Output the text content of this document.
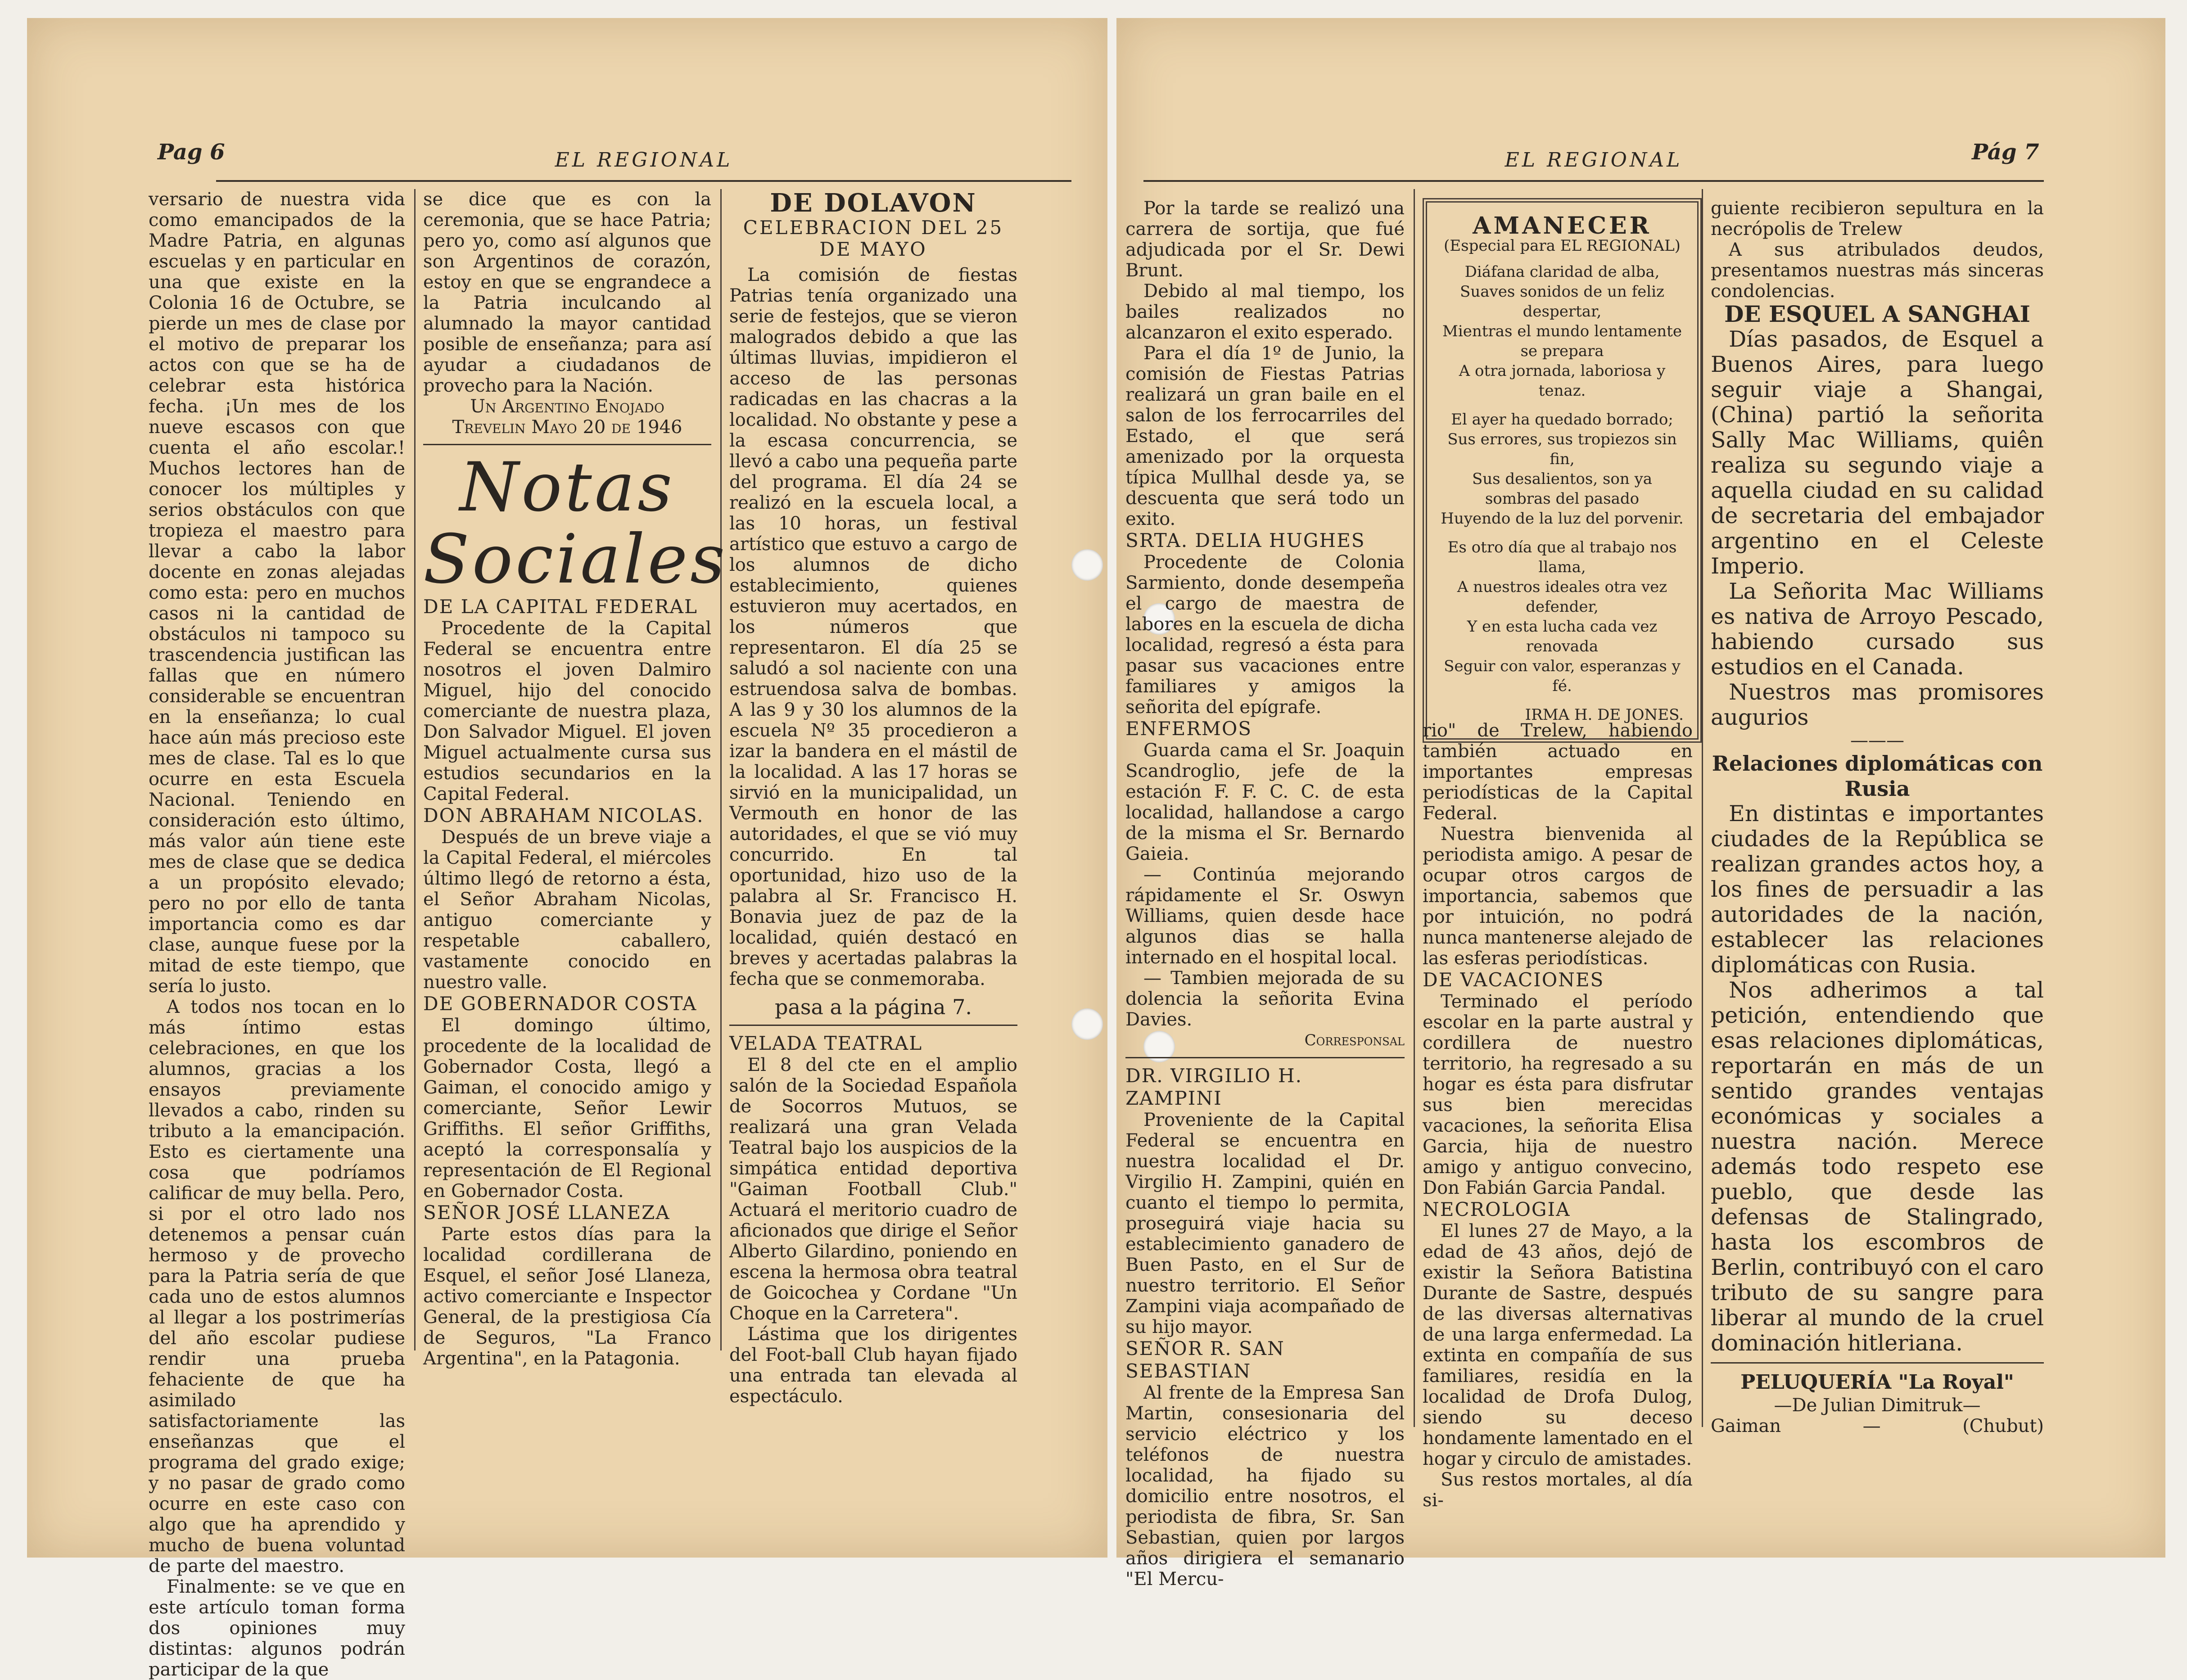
Pag 6	EL REGIONAL

versario de nuestra vida como emancipados de la Madre Patria, en algunas escuelas y en particular en una que existe en la Colonia 16 de Octubre, se pierde un mes de clase por el motivo de preparar los actos con que se ha de celebrar esta histórica fecha. ¡Un mes de los nueve escasos con que cuenta el año escolar.! Muchos lectores han de conocer los múltiples y serios obstáculos con que tropieza el maestro para llevar a cabo la labor docente en zonas alejadas como esta: pero en muchos casos ni la cantidad de obstáculos ni tampoco su trascendencia justifican las fallas que en número considerable se encuentran en la enseñanza; lo cual hace aún más precioso este mes de clase. Tal es lo que ocurre en esta Escuela Nacional. Teniendo en consideración esto último, más valor aún tiene este mes de clase que se dedica a un propósito elevado; pero no por ello de tanta importancia como es dar clase, aunque fuese por la mitad de este tiempo, que sería lo justo.

A todos nos tocan en lo más íntimo estas celebraciones, en que los alumnos, gracias a los ensayos previamente llevados a cabo, rinden su tributo a la emancipación. Esto es ciertamente una cosa que podríamos calificar de muy bella. Pero, si por el otro lado nos detenemos a pensar cuán hermoso y de provecho para la Patria sería de que cada uno de estos alumnos al llegar a los postrimerías del año escolar pudiese rendir una prueba fehaciente de que ha asimilado satisfactoriamente las enseñanzas que el programa del grado exige; y no pasar de grado como ocurre en este caso con algo que ha aprendido y mucho de buena voluntad de parte del maestro.

Finalmente: se ve que en este artículo toman forma dos opiniones muy distintas: algunos podrán participar de la que

se dice que es con la ceremonia, que se hace Patria; pero yo, como así algunos que son Argentinos de corazón, estoy en que se engrandece a la Patria inculcando al alumnado la mayor cantidad posible de enseñanza; para así ayudar a ciudadanos de provecho para la Nación.

Un Argentino Enojado

Trevelin Mayo 20 de 1946

Notas Sociales

DE LA CAPITAL FEDERAL

Procedente de la Capital Federal se encuentra entre nosotros el joven Dalmiro Miguel, hijo del conocido comerciante de nuestra plaza, Don Salvador Miguel. El joven Miguel actualmente cursa sus estudios secundarios en la Capital Federal.

DON ABRAHAM NICOLAS.

Después de un breve viaje a la Capital Federal, el miércoles último llegó de retorno a ésta, el Señor Abraham Nicolas, antiguo comerciante y respetable caballero, vastamente conocido en nuestro valle.

DE GOBERNADOR COSTA

El domingo último, procedente de la localidad de Gobernador Costa, llegó a Gaiman, el conocido amigo y comerciante, Señor Lewir Griffiths. El señor Griffiths, aceptó la corresponsalía y representación de El Regional en Gobernador Costa.

SEÑOR JOSÉ LLANEZA

Parte estos días para la localidad cordillerana de Esquel, el señor José Llaneza, activo comerciante e Inspector General, de la prestigiosa Cía de Seguros, "La Franco Argentina", en la Patagonia.

DE DOLAVON

CELEBRACION DEL 25 DE MAYO

La comisión de fiestas Patrias tenía organizado una serie de festejos, que se vieron malogrados debido a que las últimas lluvias, impidieron el acceso de las personas radicadas en las chacras a la localidad. No obstante y pese a la escasa concurrencia, se llevó a cabo una pequeña parte del programa. El día 24 se realizó en la escuela local, a las 10 horas, un festival artístico que estuvo a cargo de los alumnos de dicho establecimiento, quienes estuvieron muy acertados, en los números que representaron. El día 25 se saludó a sol naciente con una estruendosa salva de bombas. A las 9 y 30 los alumnos de la escuela Nº 35 procedieron a izar la bandera en el mástil de la localidad. A las 17 horas se sirvió en la municipalidad, un Vermouth en honor de las autoridades, el que se vió muy concurrido. En tal oportunidad, hizo uso de la palabra al Sr. Francisco H. Bonavia juez de paz de la localidad, quién destacó en breves y acertadas palabras la fecha que se conmemoraba.

pasa a la página 7.

VELADA TEATRAL

El 8 del cte en el amplio salón de la Sociedad Española de Socorros Mutuos, se realizará una gran Velada Teatral bajo los auspicios de la simpática entidad deportiva "Gaiman Football Club." Actuará el meritorio cuadro de aficionados que dirige el Señor Alberto Gilardino, poniendo en escena la hermosa obra teatral de Goicochea y Cordane "Un Choque en la Carretera".

Lástima que los dirigentes del Foot-ball Club hayan fijado una entrada tan elevada al espectáculo.

EL REGIONAL	Pág 7

Por la tarde se realizó una carrera de sortija, que fué adjudicada por el Sr. Dewi Brunt.

Debido al mal tiempo, los bailes realizados no alcanzaron el exito esperado.

Para el día 1º de Junio, la comisión de Fiestas Patrias realizará un gran baile en el salon de los ferrocarriles del Estado, el que será amenizado por la orquesta típica Mullhal desde ya, se descuenta que será todo un exito.

SRTA. DELIA HUGHES

Procedente de Colonia Sarmiento, donde desempeña el cargo de maestra de labores en la escuela de dicha localidad, regresó a ésta para pasar sus vacaciones entre familiares y amigos la señorita del epígrafe.

ENFERMOS

Guarda cama el Sr. Joaquin Scandroglio, jefe de la estación F. F. C. C. de esta localidad, hallandose a cargo de la misma el Sr. Bernardo Gaieia.

— Continúa mejorando rápidamente el Sr. Oswyn Williams, quien desde hace algunos dias se halla internado en el hospital local.

— Tambien mejorada de su dolencia la señorita Evina Davies.

Corresponsal

DR. VIRGILIO H. ZAMPINI

Proveniente de la Capital Federal se encuentra en nuestra localidad el Dr. Virgilio H. Zampini, quién en cuanto el tiempo lo permita, proseguirá viaje hacia su establecimiento ganadero de Buen Pasto, en el Sur de nuestro territorio. El Señor Zampini viaja acompañado de su hijo mayor.

SEÑOR R. SAN SEBASTIAN

Al frente de la Empresa San Martin, consesionaria del servicio eléctrico y los teléfonos de nuestra localidad, ha fijado su domicilio entre nosotros, el periodista de fibra, Sr. San Sebastian, quien por largos años dirigiera el semanario "El Mercu-

AMANECER
(Especial para EL REGIONAL)

Diáfana claridad de alba,

Suaves sonidos de un feliz despertar,

Mientras el mundo lentamente se prepara

A otra jornada, laboriosa y tenaz.

El ayer ha quedado borrado;

Sus errores, sus tropiezos sin fin,

Sus desalientos, son ya sombras del pasado

Huyendo de la luz del porvenir.

Es otro día que al trabajo nos llama,

A nuestros ideales otra vez defender,

Y en esta lucha cada vez renovada

Seguir con valor, esperanzas y fé.

IRMA H. DE JONES.

rio" de Trelew, habiendo también actuado en importantes empresas periodísticas de la Capital Federal.

Nuestra bienvenida al periodista amigo. A pesar de ocupar otros cargos de importancia, sabemos que por intuición, no podrá nunca mantenerse alejado de las esferas periodísticas.

DE VACACIONES

Terminado el período escolar en la parte austral y cordillera de nuestro territorio, ha regresado a su hogar es ésta para disfrutar sus bien merecidas vacaciones, la señorita Elisa Garcia, hija de nuestro amigo y antiguo convecino, Don Fabián Garcia Pandal.

NECROLOGIA

El lunes 27 de Mayo, a la edad de 43 años, dejó de existir la Señora Batistina Durante de Sastre, después de las diversas alternativas de una larga enfermedad. La extinta en compañía de sus familiares, residía en la localidad de Drofa Dulog, siendo su deceso hondamente lamentado en el hogar y circulo de amistades.

Sus restos mortales, al día si-

guiente recibieron sepultura en la necrópolis de Trelew

A sus atribulados deudos, presentamos nuestras más sinceras condolencias.

DE ESQUEL A SANGHAI

Días pasados, de Esquel a Buenos Aires, para luego seguir viaje a Shangai, (China) partió la señorita Sally Mac Williams, quiên realiza su segundo viaje a aquella ciudad en su calidad de secretaria del embajador argentino en el Celeste Imperio.

La Señorita Mac Williams es nativa de Arroyo Pescado, habiendo cursado sus estudios en el Canada.

Nuestros mas promisores augurios

———

Relaciones diplomáticas con Rusia

En distintas e importantes ciudades de la República se realizan grandes actos hoy, a los fines de persuadir a las autoridades de la nación, establecer las relaciones diplomáticas con Rusia.

Nos adherimos a tal petición, entendiendo que esas relaciones diplomáticas, reportarán en más de un sentido grandes ventajas económicas y sociales a nuestra nación. Merece además todo respeto ese pueblo, que desde las defensas de Stalingrado, hasta los escombros de Berlin, contribuyó con el caro tributo de su sangre para liberar al mundo de la cruel dominación hitleriana.

PELUQUERÍA "La Royal"

—De Julian Dimitruk—

Gaiman	—	(Chubut)
